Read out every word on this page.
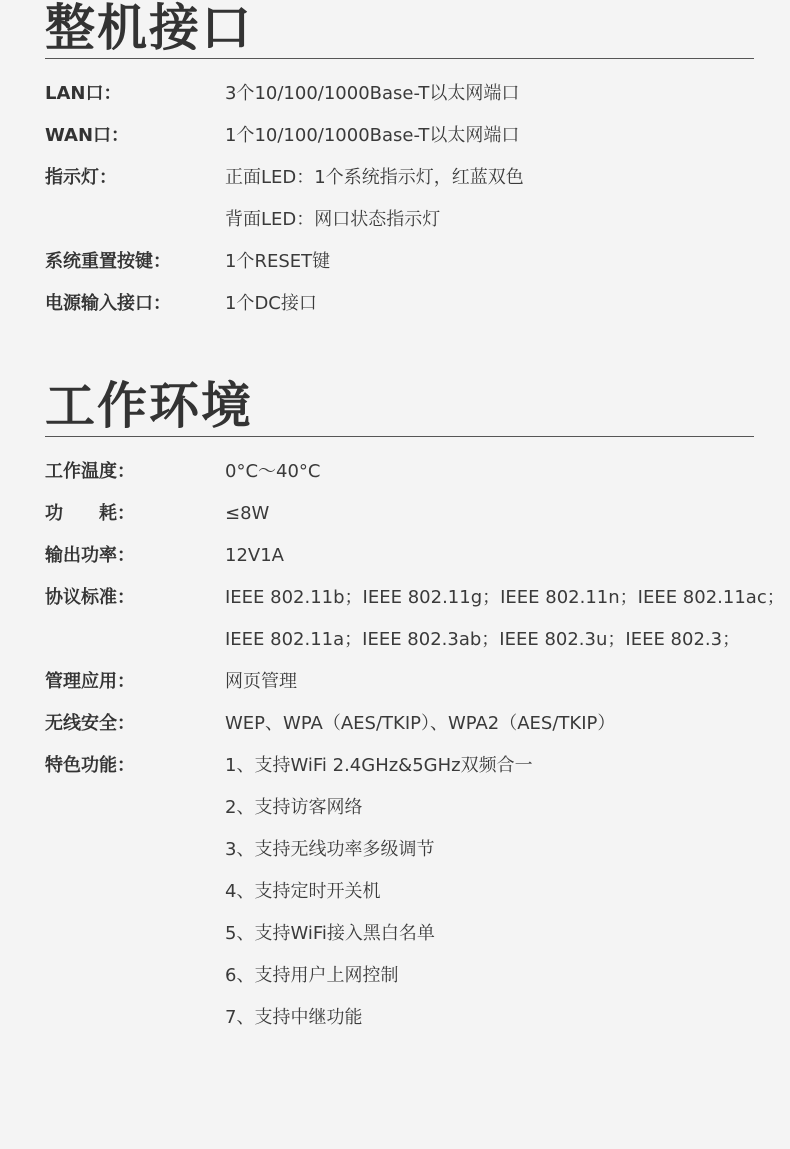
整机接口
LAN口：	3个10/100/1000Base-T以太网端口
WAN口：	1个10/100/1000Base-T以太网端口
指示灯：	正面LED：1个系统指示灯，红蓝双色
背面LED：网口状态指示灯
系统重置按键：	1个RESET键
电源输入接口：	1个DC接口
工作环境
工作温度：	0°C～40°C
功　　耗：	≤8W
输出功率：	12V1A
协议标准：	IEEE 802.11b；IEEE 802.11g；IEEE 802.11n；IEEE 802.11ac；
IEEE 802.11a；IEEE 802.3ab；IEEE 802.3u；IEEE 802.3；
管理应用：	网页管理
无线安全：	WEP、WPA（AES/TKIP）、WPA2（AES/TKIP）
特色功能：	1、支持WiFi 2.4GHz&5GHz双频合一
2、支持访客网络
3、支持无线功率多级调节
4、支持定时开关机
5、支持WiFi接入黑白名单
6、支持用户上网控制
7、支持中继功能
